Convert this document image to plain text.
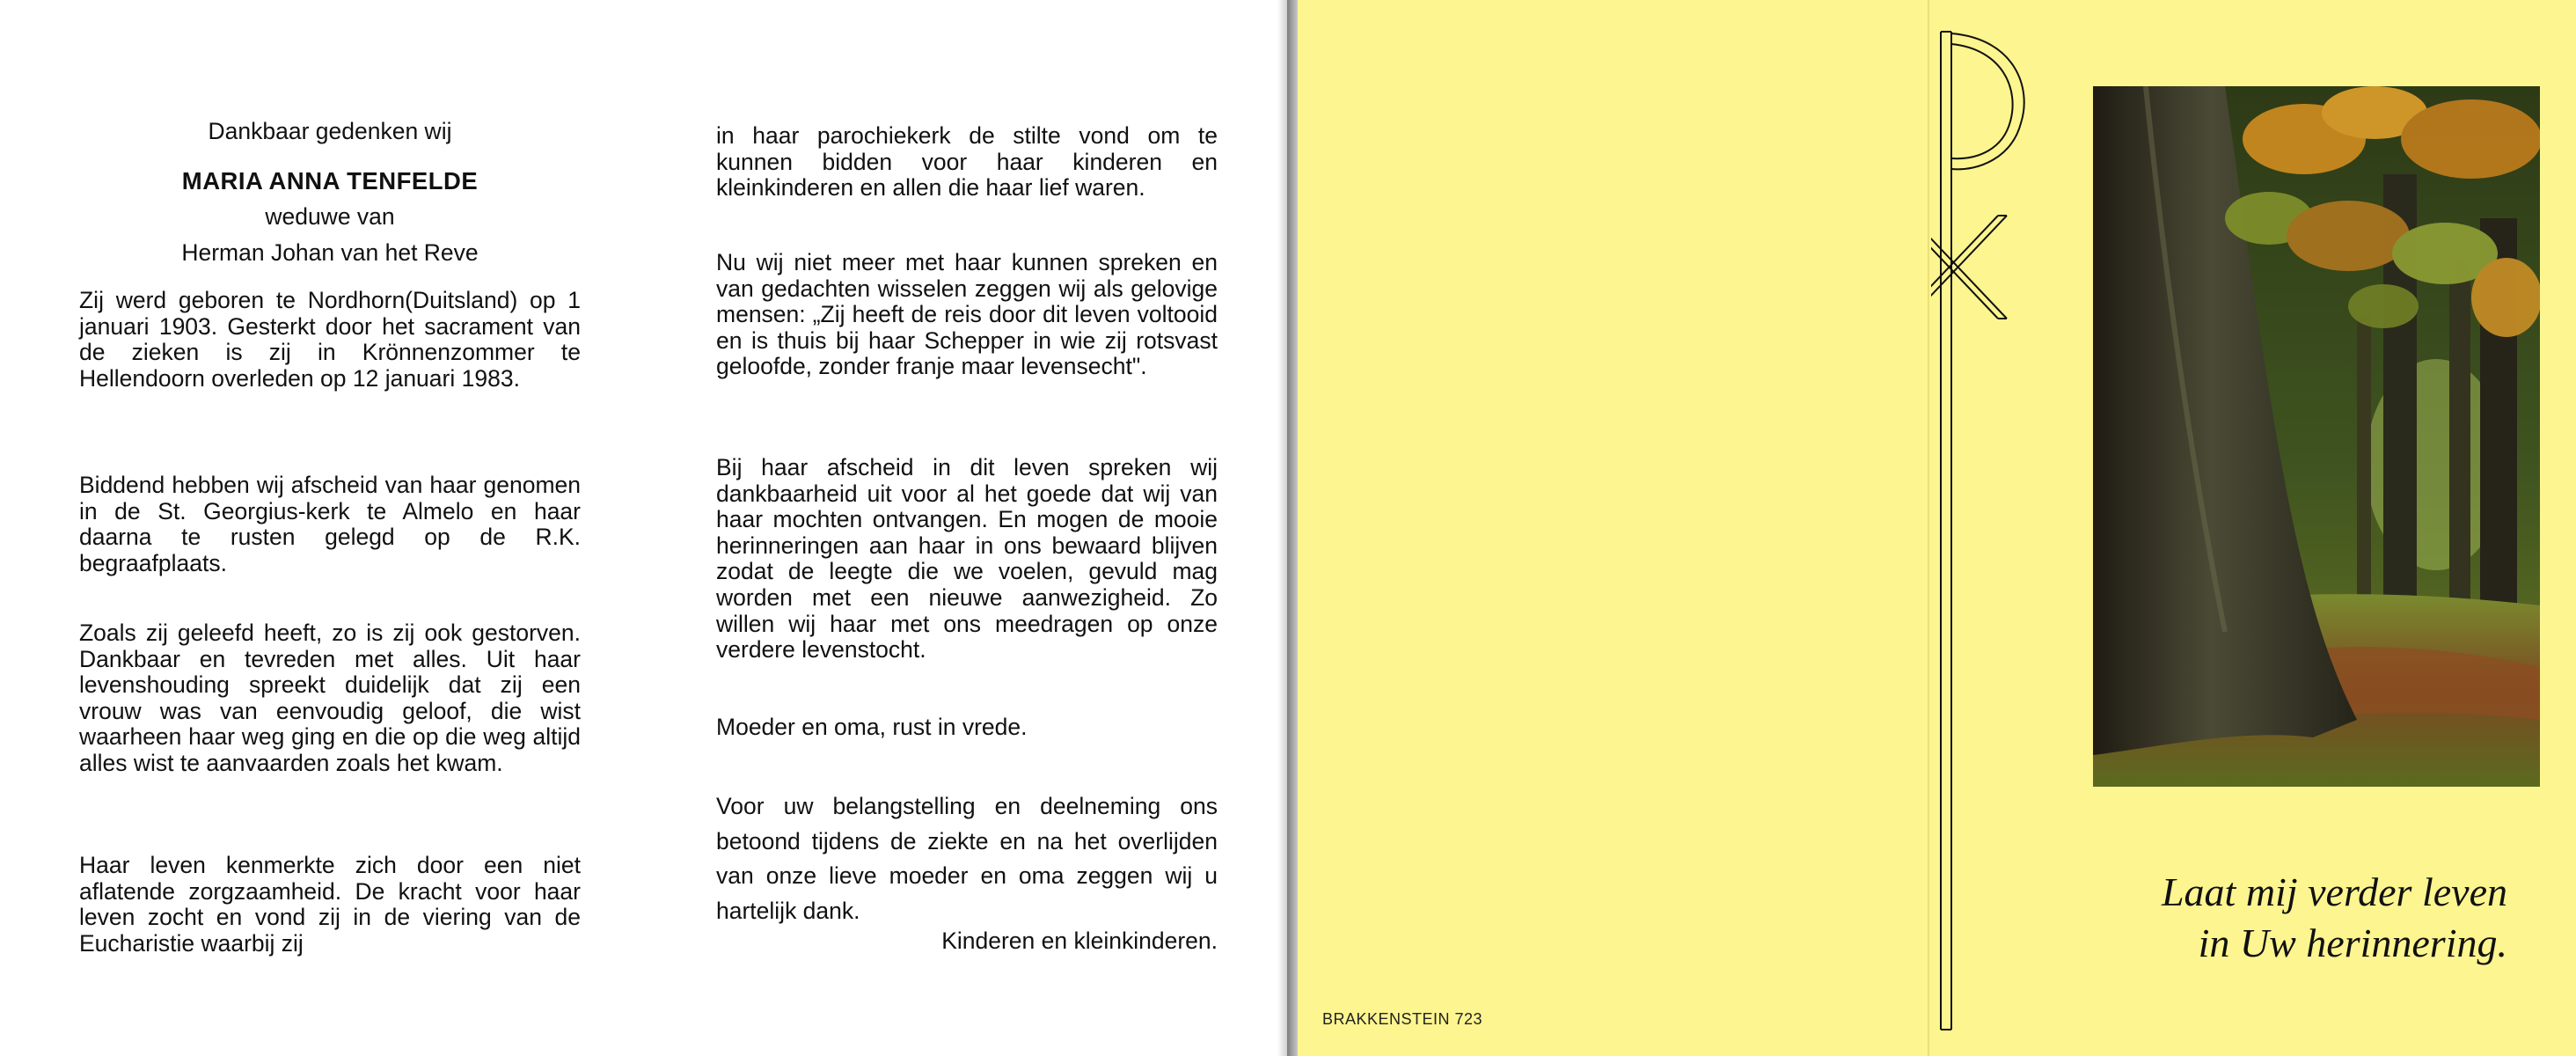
Dankbaar gedenken wij

MARIA ANNA TENFELDE

weduwe van

Herman Johan van het Reve

Zij werd geboren te Nordhorn(Duitsland) op 1 januari 1903. Gesterkt door het sacrament van de zieken is zij in Krönnenzommer te Hellendoorn overleden op 12 januari 1983.

Biddend hebben wij afscheid van haar genomen in de St. Georgius-kerk te Almelo en haar daarna te rusten gelegd op de R.K. begraafplaats.

Zoals zij geleefd heeft, zo is zij ook gestorven. Dankbaar en tevreden met alles. Uit haar levenshouding spreekt duidelijk dat zij een vrouw was van eenvoudig geloof, die wist waarheen haar weg ging en die op die weg altijd alles wist te aanvaarden zoals het kwam.

Haar leven kenmerkte zich door een niet aflatende zorgzaamheid. De kracht voor haar leven zocht en vond zij in de viering van de Eucharistie waarbij zij

in haar parochiekerk de stilte vond om te kunnen bidden voor haar kinderen en kleinkinderen en allen die haar lief waren.

Nu wij niet meer met haar kunnen spreken en van gedachten wisselen zeggen wij als gelovige mensen: „Zij heeft de reis door dit leven voltooid en is thuis bij haar Schepper in wie zij rotsvast geloofde, zonder franje maar levensecht".

Bij haar afscheid in dit leven spreken wij dankbaarheid uit voor al het goede dat wij van haar mochten ontvangen. En mogen de mooie herinneringen aan haar in ons bewaard blijven zodat de leegte die we voelen, gevuld mag worden met een nieuwe aanwezigheid. Zo willen wij haar met ons meedragen op onze verdere levenstocht.

Moeder en oma, rust in vrede.

Voor uw belangstelling en deelneming ons betoond tijdens de ziekte en na het overlijden van onze lieve moeder en oma zeggen wij u hartelijk dank.

Kinderen en kleinkinderen.

Laat mij verder leven
in Uw herinnering.
BRAKKENSTEIN 723
